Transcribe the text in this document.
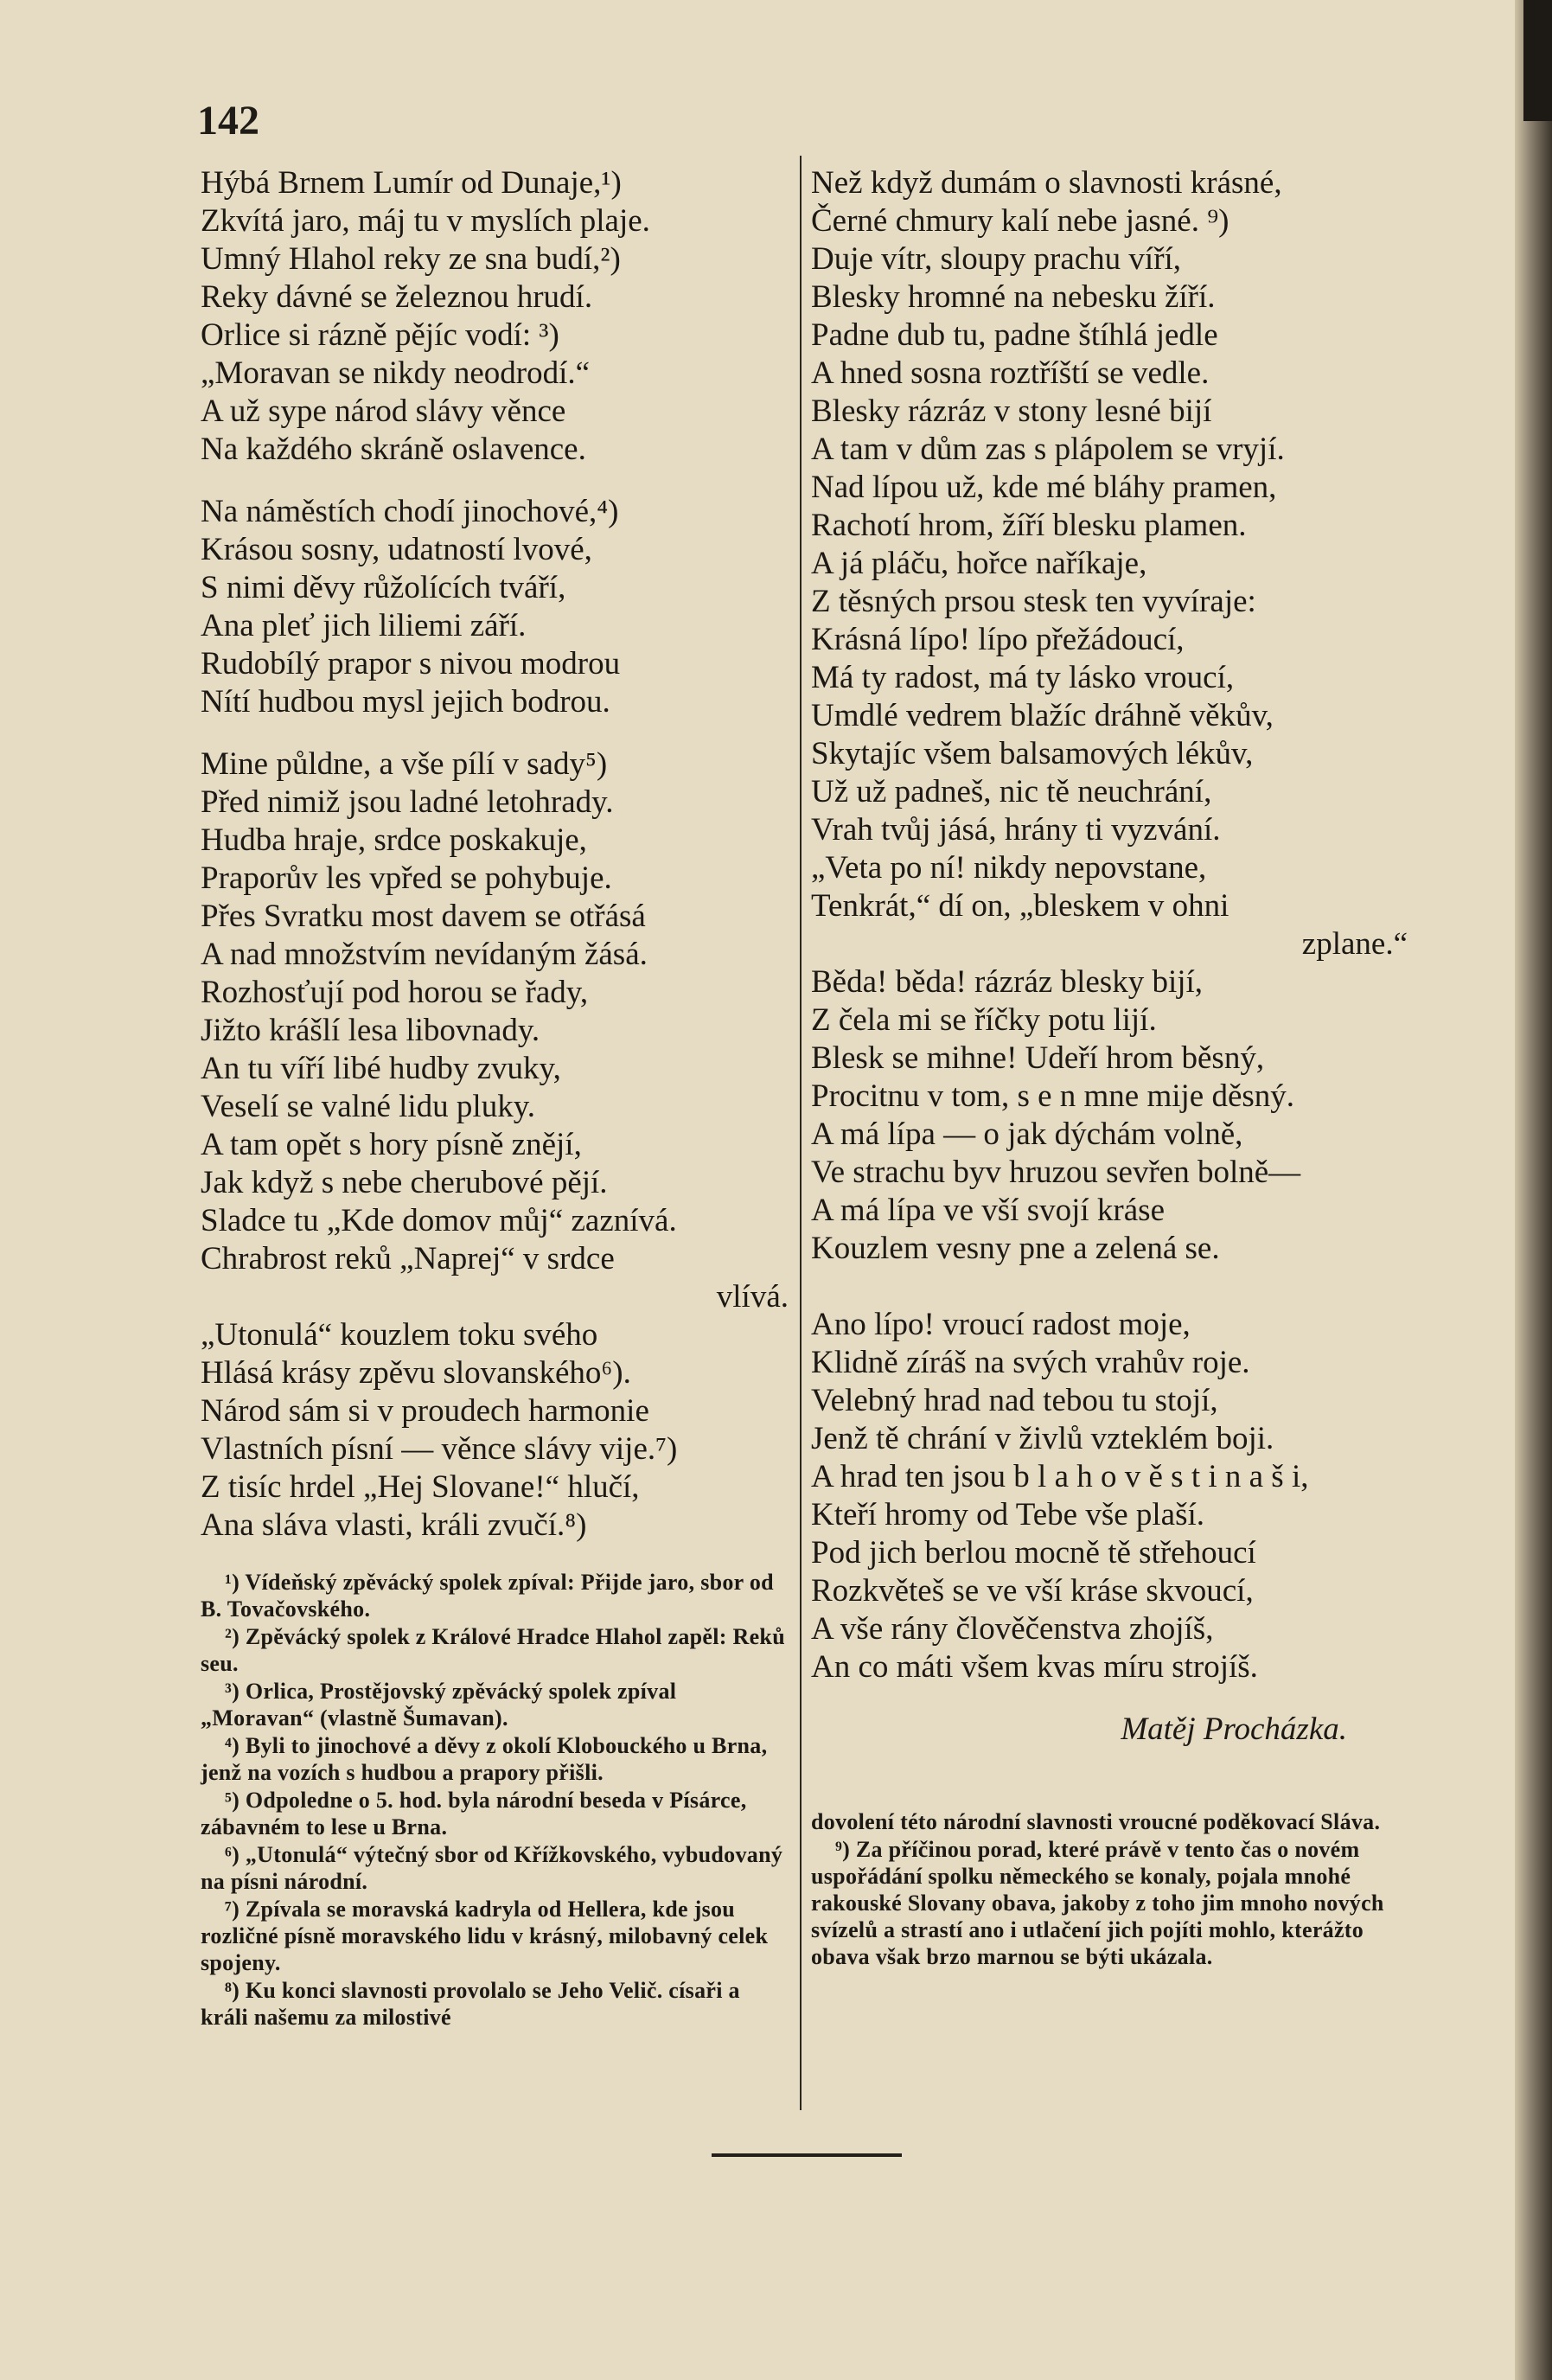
142
Hýbá Brnem Lumír od Dunaje,¹)
Zkvítá jaro, máj tu v myslích plaje.
Umný Hlahol reky ze sna budí,²)
Reky dávné se železnou hrudí.
Orlice si rázně pějíc vodí: ³)
„Moravan se nikdy neodrodí.“
A už sype národ slávy věnce
Na každého skráně oslavence.
Na náměstích chodí jinochové,⁴)
Krásou sosny, udatností lvové,
S nimi děvy růžolících tváří,
Ana pleť jich liliemi září.
Rudobílý prapor s nivou modrou
Nítí hudbou mysl jejich bodrou.
Mine půldne, a vše pílí v sady⁵)
Před nimiž jsou ladné letohrady.
Hudba hraje, srdce poskakuje,
Praporův les vpřed se pohybuje.
Přes Svratku most davem se otřásá
A nad množstvím nevídaným žásá.
Rozhosťují pod horou se řady,
Jižto krášlí lesa libovnady.
An tu víří libé hudby zvuky,
Veselí se valné lidu pluky.
A tam opět s hory písně znějí,
Jak když s nebe cherubové pějí.
Sladce tu „Kde domov můj“ zaznívá.
Chrabrost reků „Naprej“ v srdce
vlívá.
„Utonulá“ kouzlem toku svého
Hlásá krásy zpěvu slovanského⁶).
Národ sám si v proudech harmonie
Vlastních písní — věnce slávy vije.⁷)
Z tisíc hrdel „Hej Slovane!“ hlučí,
Ana sláva vlasti, králi zvučí.⁸)
¹) Vídeňský zpěvácký spolek zpíval: Přijde jaro, sbor od B. Tovačovského.
²) Zpěvácký spolek z Králové Hradce Hlahol zapěl: Reků seu.
³) Orlica, Prostějovský zpěvácký spolek zpíval „Moravan“ (vlastně Šumavan).
⁴) Byli to jinochové a děvy z okolí Klobouckého u Brna, jenž na vozích s hudbou a prapory přišli.
⁵) Odpoledne o 5. hod. byla národní beseda v Písárce, zábavném to lese u Brna.
⁶) „Utonulá“ výtečný sbor od Křížkovského, vybudovaný na písni národní.
⁷) Zpívala se moravská kadryla od Hellera, kde jsou rozličné písně moravského lidu v krásný, milobavný celek spojeny.
⁸) Ku konci slavnosti provolalo se Jeho Velič. císaři a králi našemu za milostivé
Než když dumám o slavnosti krásné,
Černé chmury kalí nebe jasné. ⁹)
Duje vítr, sloupy prachu víří,
Blesky hromné na nebesku žíří.
Padne dub tu, padne štíhlá jedle
A hned sosna roztříští se vedle.
Blesky rázráz v stony lesné bijí
A tam v dům zas s plápolem se vryjí.
Nad lípou už, kde mé bláhy pramen,
Rachotí hrom, žíří blesku plamen.
A já pláču, hořce naříkaje,
Z těsných prsou stesk ten vyvíraje:
Krásná lípo! lípo přežádoucí,
Má ty radost, má ty lásko vroucí,
Umdlé vedrem blažíc dráhně věkův,
Skytajíc všem balsamových lékův,
Už už padneš, nic tě neuchrání,
Vrah tvůj jásá, hrány ti vyzvání.
„Veta po ní! nikdy nepovstane,
Tenkrát,“ dí on, „bleskem v ohni
zplane.“
Běda! běda! rázráz blesky bijí,
Z čela mi se říčky potu lijí.
Blesk se mihne! Udeří hrom běsný,
Procitnu v tom, s e n mne mije děsný.
A má lípa — o jak dýchám volně,
Ve strachu byv hruzou sevřen bolně—
A má lípa ve vší svojí kráse
Kouzlem vesny pne a zelená se.
Ano lípo! vroucí radost moje,
Klidně zíráš na svých vrahův roje.
Velebný hrad nad tebou tu stojí,
Jenž tě chrání v živlů vzteklém boji.
A hrad ten jsou b l a h o v ě s t i n a š i,
Kteří hromy od Tebe vše plaší.
Pod jich berlou mocně tě střehoucí
Rozkvěteš se ve vší kráse skvoucí,
A vše rány člověčenstva zhojíš,
An co máti všem kvas míru strojíš.
Matěj Procházka.
dovolení této národní slavnosti vroucné poděkovací Sláva.
⁹) Za příčinou porad, které právě v tento čas o novém uspořádání spolku německého se konaly, pojala mnohé rakouské Slovany obava, jakoby z toho jim mnoho nových svízelů a strastí ano i utlačení jich pojíti mohlo, kterážto obava však brzo marnou se býti ukázala.
